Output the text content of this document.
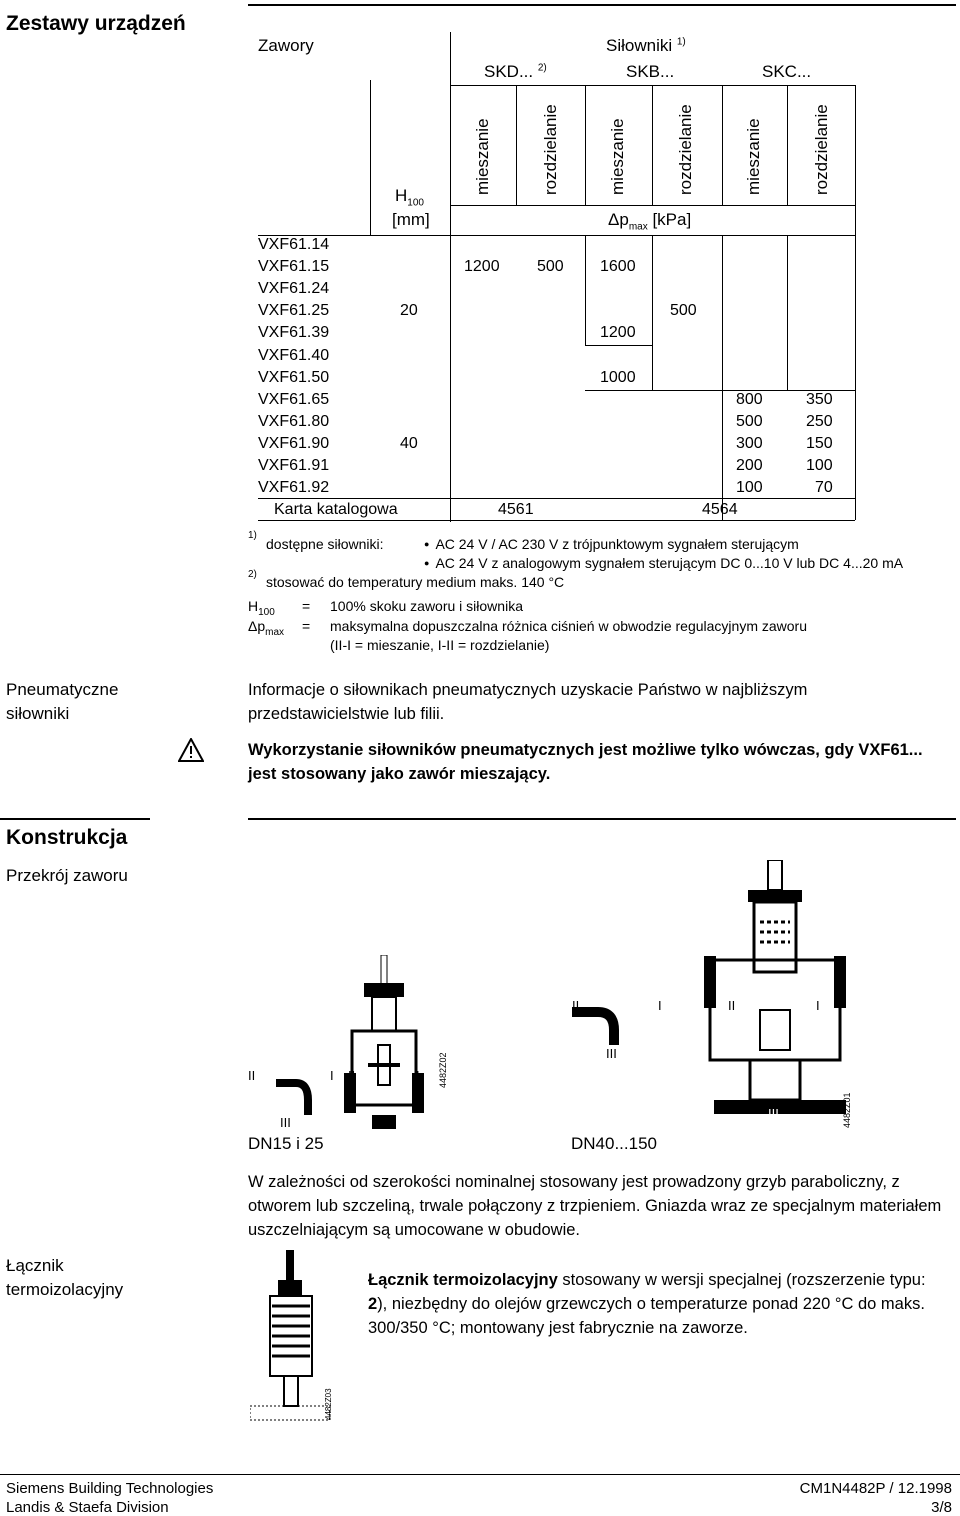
Zestawy urządzeń
Zawory	Siłowniki $^{1)}$
SKD... $^{2)}$	SKB...	SKC...
mieszanie	rozdzielanie	mieszanie	rozdzielanie	mieszanie	rozdzielanie
$H_{100}$
[mm]	$\Delta p_{max}$ [kPa]
VXF61.14
VXF61.15
VXF61.24
VXF61.25
VXF61.39
VXF61.40
VXF61.50
VXF61.65
VXF61.80
VXF61.90
VXF61.91
VXF61.92
20
40
1200 500 1600
500
1200
1000
800
500
300
200
100
350
250
150
100
70
Karta katalogowa	4561	4564
1)
dostępne siłowniki:
●	AC 24 V / AC 230 V z trójpunktowym sygnałem sterującym
● AC 24 V z analogowym sygnałem sterującym DC 0...10 V lub DC 4...20 mA
2) stosować do temperatury medium maks. 140 °C
$H_{100} = 100\%$ skoku zaworu i siłownika
$\Delta p_{max}$ = maksymalna dopuszczalna różnica ciśnień w obwodzie regulacyjnym zaworu
(II-I = mieszanie, I-II = rozdzielanie)
Pneumatyczne siłowniki
Informacje o siłownikach pneumatycznych uzyskacie Państwo w najbliższym przedstawicielstwie lub filii.
Wykorzystanie siłowników pneumatycznych jest możliwe tylko wówczas, gdy VXF61... jest stosowany jako zawór mieszający.
Konstrukcja
Przekrój zaworu
II	I
III
II	I 4482Z02
II	I
III
II	I
III	4482Z01
DN15 i 25	DN40...150
W zależności od szerokości nominalnej stosowany jest prowadzony grzyb paraboliczny, z otworem lub szczeliną, trwale połączony z trzpieniem. Gniazda wraz ze specjalnym materiałem uszczelniającym są umocowane w obudowie.
Łącznik termoizolacyjny
4482Z03
Łącznik termoizolacyjny stosowany w wersji specjalnej (rozszerzenie typu: 2), niezbędny do olejów grzewczych o temperaturze ponad 220 °C do maks. 300/350 °C; montowany jest fabrycznie na zaworze.
Siemens Building Technologies
Landis & Staefa Division
CM1N4482P / 12.1998
3/8
